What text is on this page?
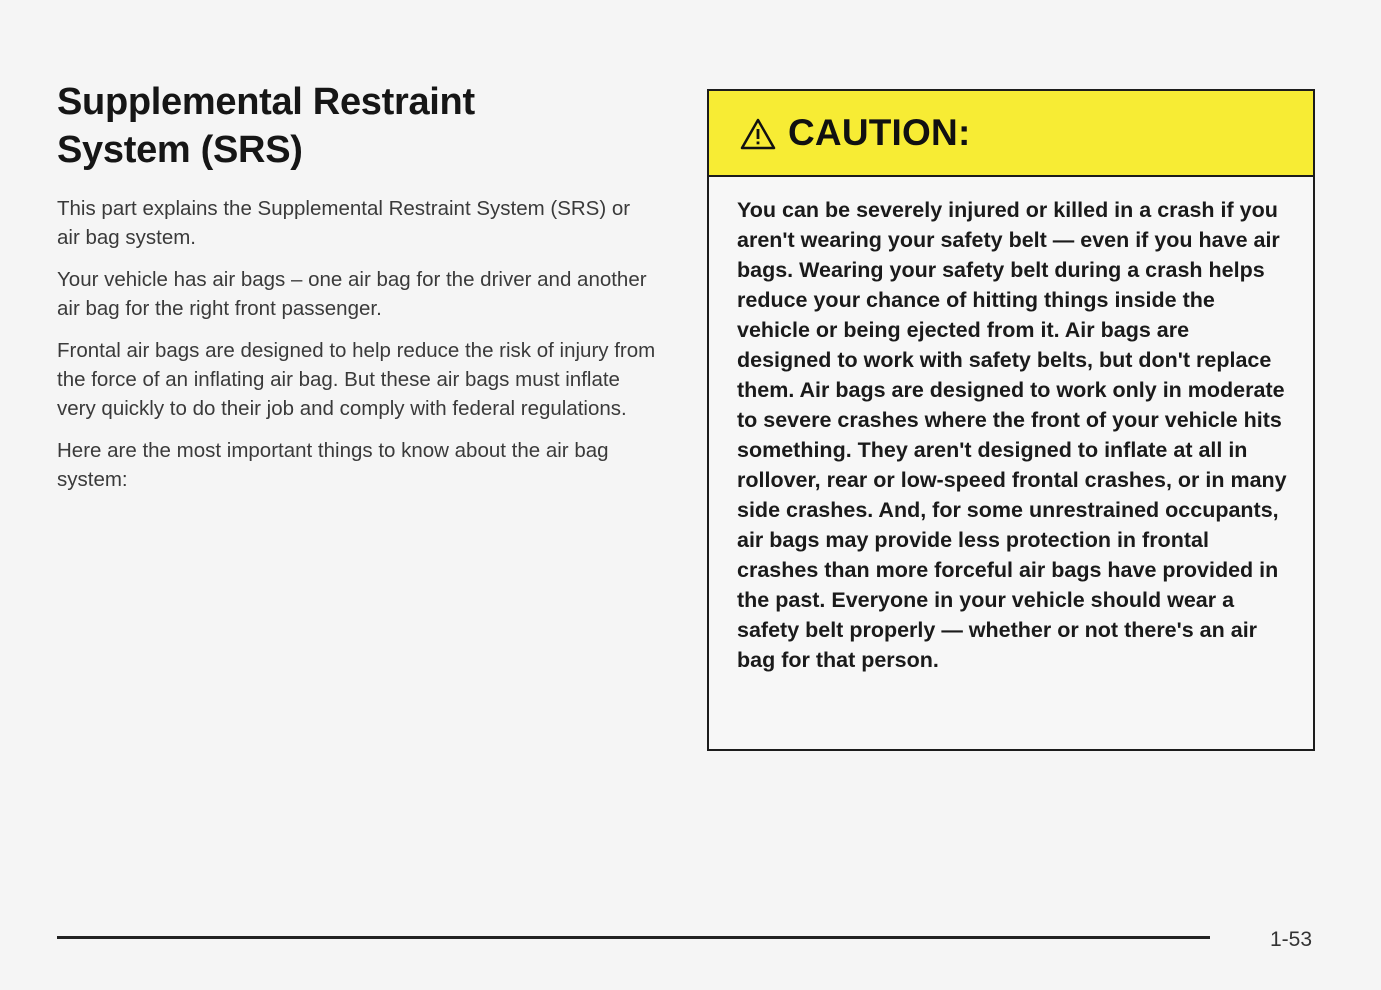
Supplemental Restraint
System (SRS)

This part explains the Supplemental Restraint System (SRS) or air bag system.

Your vehicle has air bags – one air bag for the driver and another air bag for the right front passenger.

Frontal air bags are designed to help reduce the risk of injury from the force of an inflating air bag. But these air bags must inflate very quickly to do their job and comply with federal regulations.

Here are the most important things to know about the air bag system:

CAUTION:
You can be severely injured or killed in a crash if you aren't wearing your safety belt — even if you have air bags. Wearing your safety belt during a crash helps reduce your chance of hitting things inside the vehicle or being ejected from it. Air bags are designed to work with safety belts, but don't replace them. Air bags are designed to work only in moderate to severe crashes where the front of your vehicle hits something. They aren't designed to inflate at all in rollover, rear or low-speed frontal crashes, or in many side crashes. And, for some unrestrained occupants, air bags may provide less protection in frontal crashes than more forceful air bags have provided in the past. Everyone in your vehicle should wear a safety belt properly — whether or not there's an air bag for that person.
1-53
